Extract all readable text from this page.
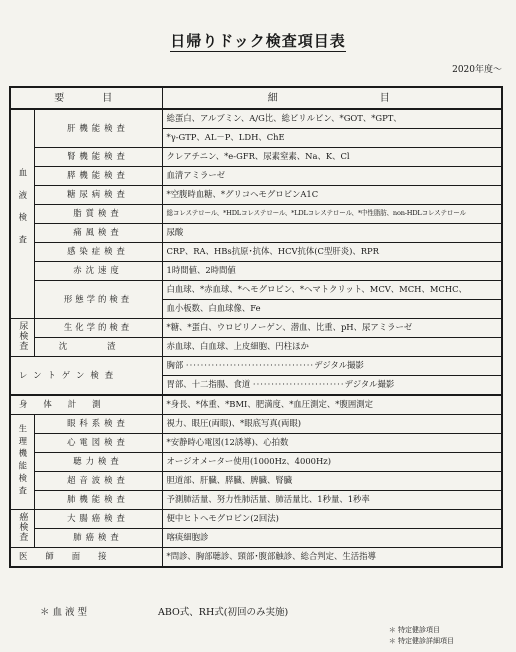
日帰りドック検査項目表
2020年度～
要　　目		細　　　　　　目
血液検査	肝機能検査	総蛋白、アルブミン、A/G比、総ビリルビン、*GOT、*GPT、
		*γ-GTP、AL－P、LDH、ChE
	腎機能検査	クレアチニン、*e-GFR、尿素窒素、Na、K、Cl
	膵機能検査	血清アミラーゼ
	糖尿病検査	*空腹時血糖、*グリコヘモグロビンA1C
	脂質検査	総コレステロール、*HDLコレステロール、*LDLコレステロール、*中性脂肪、non-HDLコレステロール
	痛風検査	尿酸
	感染症検査	CRP、RA、HBs抗原･抗体、HCV抗体(C型肝炎)、RPR
	赤沈速度	1時間値、2時間値
	形態学的検査	白血球、*赤血球、*ヘモグロビン、*ヘマトクリット、MCV、MCH、MCHC、
		血小板数、白血球像、Fe
尿検査	生化学的検査	*糖、*蛋白、ウロビリノーゲン、潜血、比重、pH、尿アミラーゼ
	沈渣	赤血球、白血球、上皮細胞、円柱ほか
レントゲン検査		胸部 ···································デジタル撮影
		胃部、十二指腸、食道 ·························デジタル撮影
身体計測		*身長、*体重、*BMI、肥満度、*血圧測定、*腹囲測定
生理機能検査	眼科系検査	視力、眼圧(両眼)、*眼底写真(両眼)
	心電図検査	*安静時心電図(12誘導)、心拍数
	聴力検査	オージオメーター使用(1000Hz、4000Hz)
	超音波検査	胆道部、肝臓、膵臓、脾臓、腎臓
	肺機能検査	予測肺活量、努力性肺活量、肺活量比、1秒量、1秒率
癌検査	大腸癌検査	便中ヒトヘモグロビン(2回法)
	肺癌検査	喀痰細胞診
医師面接		*問診、胸部聴診、頸部･腹部触診、総合判定、生活指導
＊血液型	ABO式、RH式(初回のみ実施)
＊ 特定健診項目
＊ 特定健診詳細項目
